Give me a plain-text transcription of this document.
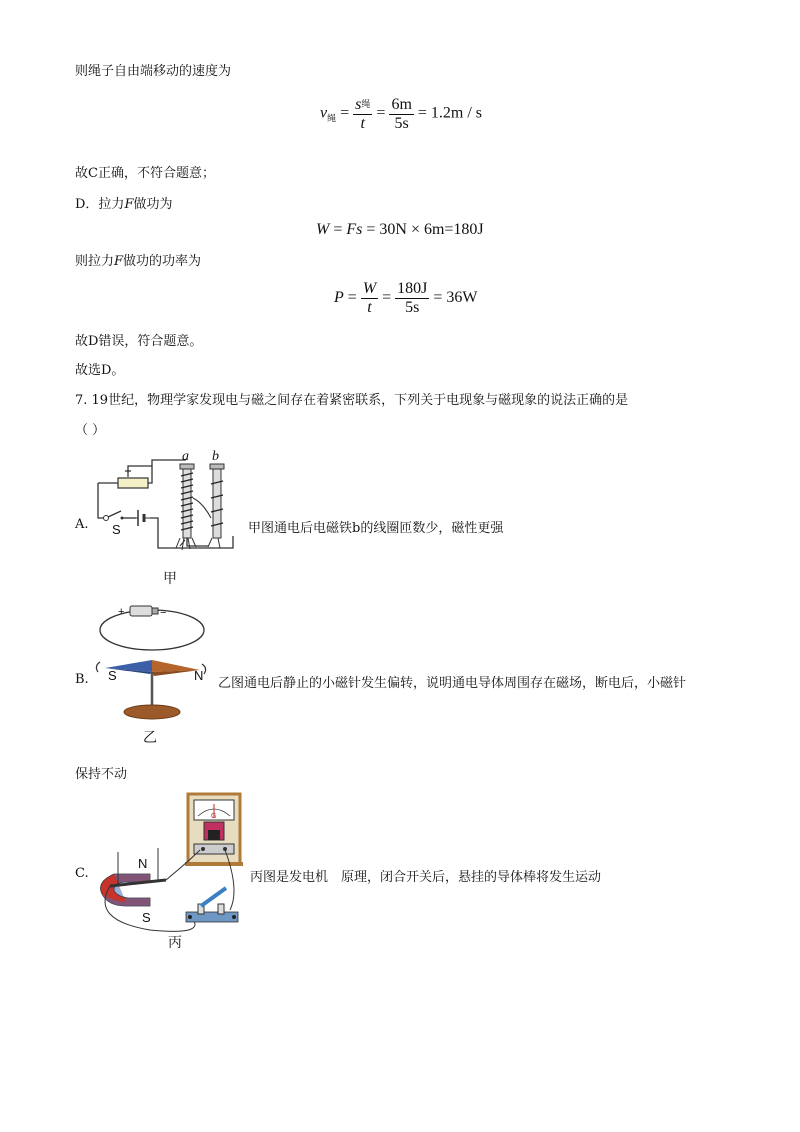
则绳子自由端移动的速度为
$v_绳 = \frac{\text{s绳}}{t} = \frac{6m}{5s} = 1.2m / s$
故C正确，不符合题意；
D．拉力F做功为
W = Fs = 30N × 6m=180J
则拉力F做功的功率为
$P = \frac{W}{t} = \frac{180J}{5s} = 36W$
故D错误，符合题意。
故选D。
7. 19世纪，物理学家发现电与磁之间存在着紧密联系，下列关于电现象与磁现象的说法正确的是
（ ）
A.
a b
S	甲图通电后电磁铁b的线圈匝数少，磁性更强
甲
B.
+	−
S	N
乙图通电后静止的小磁针发生偏转，说明通电导体周围存在磁场，断电后，小磁针
乙
保持不动
C.
G
N
S
丙图是发电机　原理，闭合开关后，悬挂的导体棒将发生运动
丙
